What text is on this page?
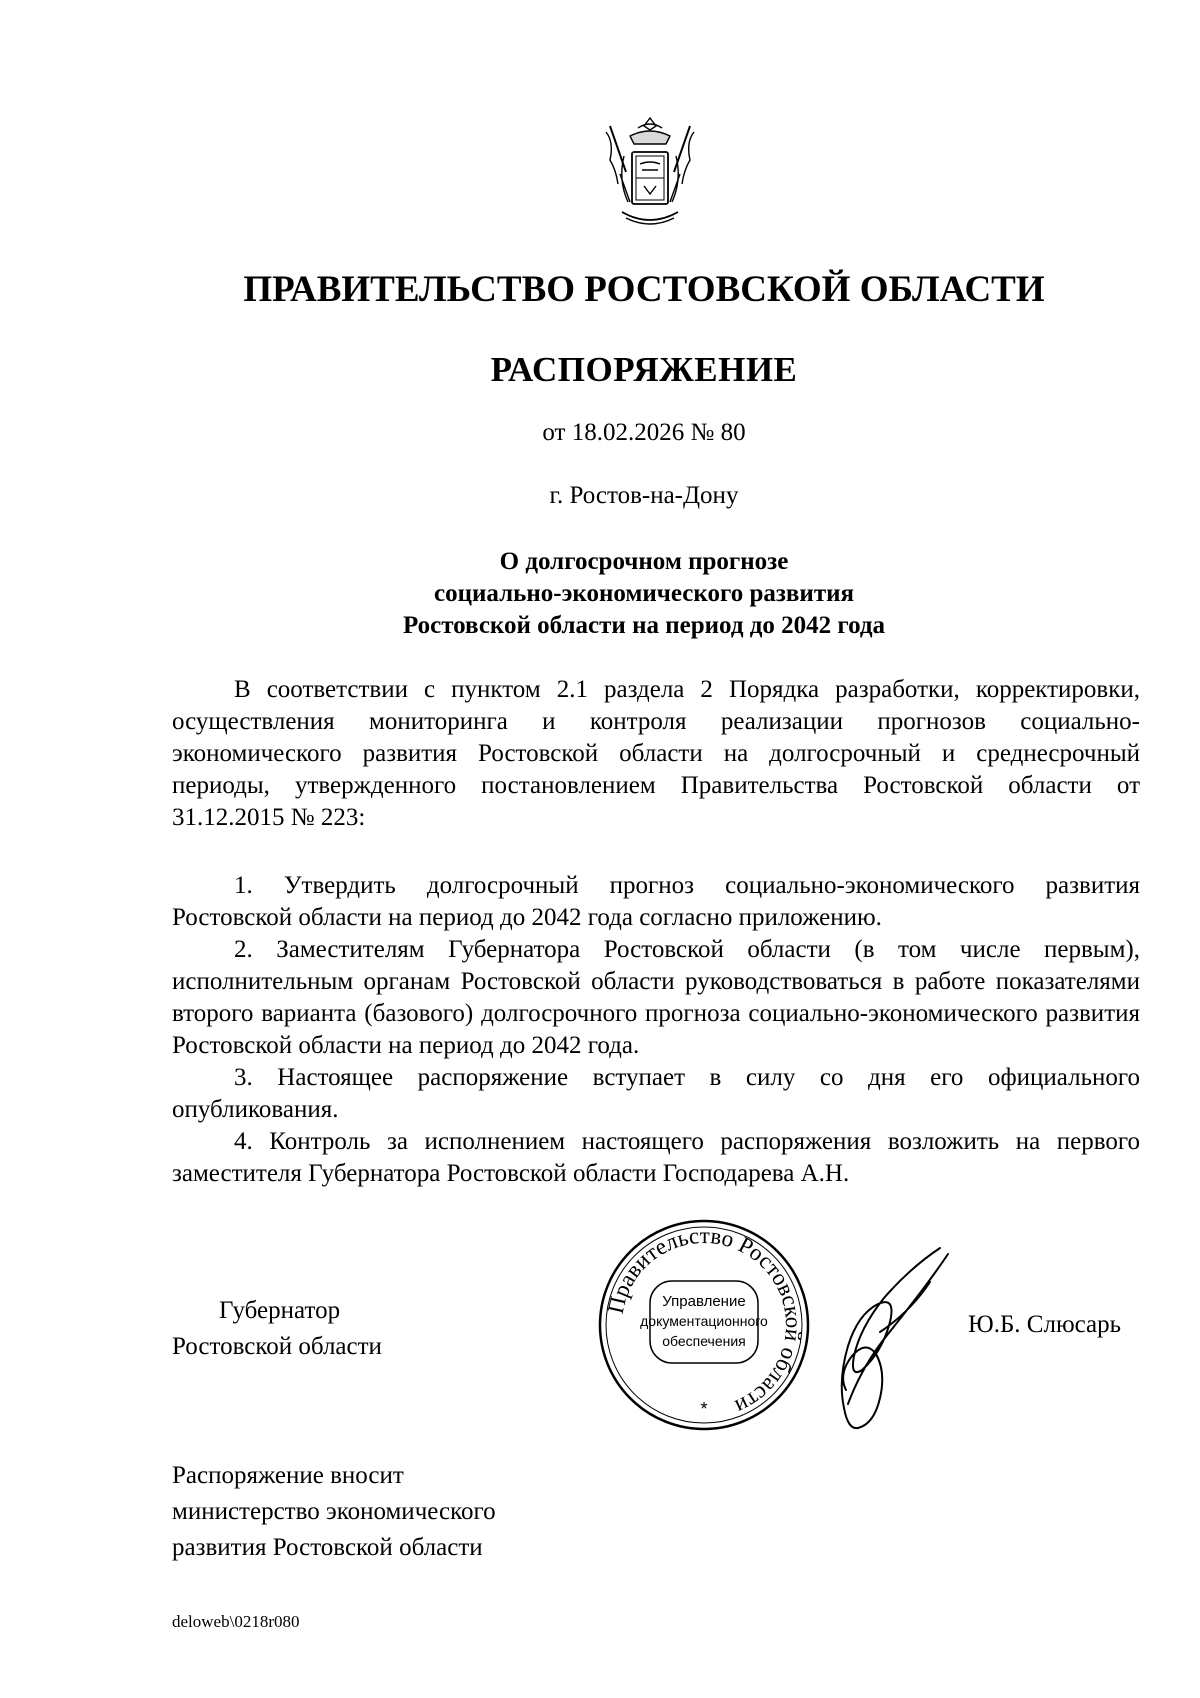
ПРАВИТЕЛЬСТВО РОСТОВСКОЙ ОБЛАСТИ
РАСПОРЯЖЕНИЕ
от 18.02.2026 № 80
г. Ростов-на-Дону
О долгосрочном прогнозе
социально-экономического развития
Ростовской области на период до 2042 года

В соответствии с пунктом 2.1 раздела 2 Порядка разработки, корректировки, осуществления мониторинга и контроля реализации прогнозов социально-экономического развития Ростовской области на долгосрочный и среднесрочный периоды, утвержденного постановлением Правительства Ростовской области от 31.12.2015 № 223:

1. Утвердить долгосрочный прогноз социально-экономического развития Ростовской области на период до 2042 года согласно приложению.

2. Заместителям Губернатора Ростовской области (в том числе первым), исполнительным органам Ростовской области руководствоваться в работе показателями второго варианта (базового) долгосрочного прогноза социально-экономического развития Ростовской области на период до 2042 года.

3. Настоящее распоряжение вступает в силу со дня его официального опубликования.

4. Контроль за исполнением настоящего распоряжения возложить на первого заместителя Губернатора Ростовской области Господарева А.Н.

Губернатор
Ростовской области
Правительство Ростовской области
Управление
документационного
обеспечения
*
Ю.Б. Слюсарь
Распоряжение вносит
министерство экономического
развития Ростовской области
deloweb\0218r080
